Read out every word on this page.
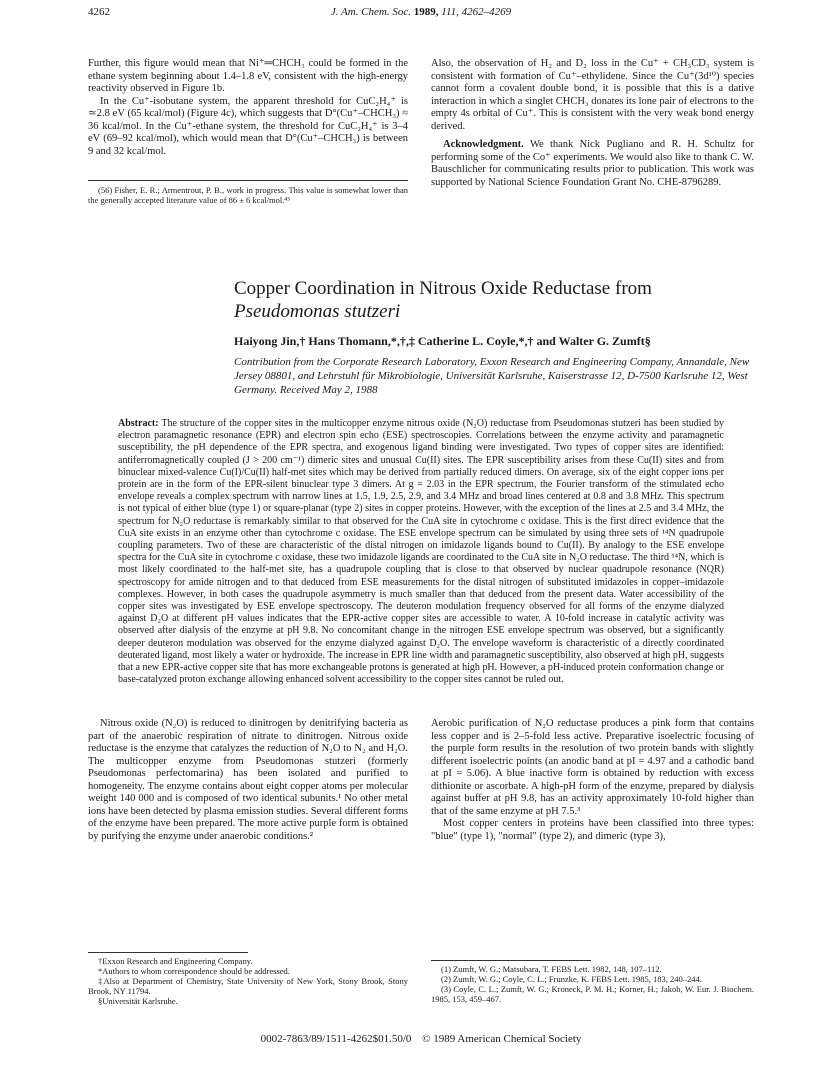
4262	J. Am. Chem. Soc. 1989, 111, 4262–4269

Further, this figure would mean that Ni⁺═CHCH₃ could be formed in the ethane system beginning about 1.4–1.8 eV, consistent with the high-energy reactivity observed in Figure 1b.

In the Cu⁺-isobutane system, the apparent threshold for CuC₂H₄⁺ is ≃2.8 eV (65 kcal/mol) (Figure 4c), which suggests that D°(Cu⁺–CHCH₃) ≈ 36 kcal/mol. In the Cu⁺-ethane system, the threshold for CuC₂H₄⁺ is 3–4 eV (69–92 kcal/mol), which would mean that D°(Cu⁺–CHCH₃) is between 9 and 32 kcal/mol.

(56) Fisher, E. R.; Armentrout, P. B., work in progress. This value is somewhat lower than the generally accepted literature value of 86 ± 6 kcal/mol.⁴³

Also, the observation of H₂ and D₂ loss in the Cu⁺ + CH₃CD₃ system is consistent with formation of Cu⁺–ethylidene. Since the Cu⁺(3d¹⁰) species cannot form a covalent double bond, it is possible that this is a dative interaction in which a singlet CHCH₃ donates its lone pair of electrons to the empty 4s orbital of Cu⁺. This is consistent with the very weak bond energy derived.

Acknowledgment. We thank Nick Pugliano and R. H. Schultz for performing some of the Co⁺ experiments. We would also like to thank C. W. Bauschlicher for communicating results prior to publication. This work was supported by National Science Foundation Grant No. CHE-8796289.

Copper Coordination in Nitrous Oxide Reductase from
Pseudomonas stutzeri
Haiyong Jin,† Hans Thomann,*,†,‡ Catherine L. Coyle,*,† and Walter G. Zumft§
Contribution from the Corporate Research Laboratory, Exxon Research and Engineering Company, Annandale, New Jersey 08801, and Lehrstuhl für Mikrobiologie, Universität Karlsruhe, Kaiserstrasse 12, D-7500 Karlsruhe 12, West Germany. Received May 2, 1988
Abstract: The structure of the copper sites in the multicopper enzyme nitrous oxide (N₂O) reductase from Pseudomonas stutzeri has been studied by electron paramagnetic resonance (EPR) and electron spin echo (ESE) spectroscopies. Correlations between the enzyme activity and paramagnetic susceptibility, the pH dependence of the EPR spectra, and exogenous ligand binding were investigated. Two types of copper sites are identified: antiferromagnetically coupled (J > 200 cm⁻¹) dimeric sites and unusual Cu(II) sites. The EPR susceptibility arises from these Cu(II) sites and from binuclear mixed-valence Cu(I)/Cu(II) half-met sites which may be derived from partially reduced dimers. On average, six of the eight copper ions per protein are in the form of the EPR-silent binuclear type 3 dimers. At g = 2.03 in the EPR spectrum, the Fourier transform of the stimulated echo envelope reveals a complex spectrum with narrow lines at 1.5, 1.9, 2.5, 2.9, and 3.4 MHz and broad lines centered at 0.8 and 3.8 MHz. This spectrum is not typical of either blue (type 1) or square-planar (type 2) sites in copper proteins. However, with the exception of the lines at 2.5 and 3.4 MHz, the spectrum for N₂O reductase is remarkably similar to that observed for the CuA site in cytochrome c oxidase. This is the first direct evidence that the CuA site exists in an enzyme other than cytochrome c oxidase. The ESE envelope spectrum can be simulated by using three sets of ¹⁴N quadrupole coupling parameters. Two of these are characteristic of the distal nitrogen on imidazole ligands bound to Cu(II). By analogy to the ESE envelope spectra for the CuA site in cytochrome c oxidase, these two imidazole ligands are coordinated to the CuA site in N₂O reductase. The third ¹⁴N, which is most likely coordinated to the half-met site, has a quadrupole coupling that is close to that observed by nuclear quadrupole resonance (NQR) spectroscopy for amide nitrogen and to that deduced from ESE measurements for the distal nitrogen of substituted imidazoles in copper–imidazole complexes. However, in both cases the quadrupole asymmetry is much smaller than that deduced from the present data. Water accessibility of the copper sites was investigated by ESE envelope spectroscopy. The deuteron modulation frequency observed for all forms of the enzyme dialyzed against D₂O at different pH values indicates that the EPR-active copper sites are accessible to water. A 10-fold increase in catalytic activity was observed after dialysis of the enzyme at pH 9.8. No concomitant change in the nitrogen ESE envelope spectrum was observed, but a significantly deeper deuteron modulation was observed for the enzyme dialyzed against D₂O. The envelope waveform is characteristic of a directly coordinated deuterated ligand, most likely a water or hydroxide. The increase in EPR line width and paramagnetic susceptibility, also observed at high pH, suggests that a new EPR-active copper site that has more exchangeable protons is generated at high pH. However, a pH-induced protein conformation change or base-catalyzed proton exchange allowing enhanced solvent accessibility to the copper sites cannot be ruled out.

Nitrous oxide (N₂O) is reduced to dinitrogen by denitrifying bacteria as part of the anaerobic respiration of nitrate to dinitrogen. Nitrous oxide reductase is the enzyme that catalyzes the reduction of N₂O to N₂ and H₂O. The multicopper enzyme from Pseudomonas stutzeri (formerly Pseudomonas perfectomarina) has been isolated and purified to homogeneity. The enzyme contains about eight copper atoms per molecular weight 140 000 and is composed of two identical subunits.¹ No other metal ions have been detected by plasma emission studies. Several different forms of the enzyme have been prepared. The more active purple form is obtained by purifying the enzyme under anaerobic conditions.²

†Exxon Research and Engineering Company.

*Authors to whom correspondence should be addressed.

‡Also at Department of Chemistry, State University of New York, Stony Brook, Stony Brook, NY 11794.

§Universität Karlsruhe.

Aerobic purification of N₂O reductase produces a pink form that contains less copper and is 2–5-fold less active. Preparative isoelectric focusing of the purple form results in the resolution of two protein bands with slightly different isoelectric points (an anodic band at pI = 4.97 and a cathodic band at pI = 5.06). A blue inactive form is obtained by reduction with excess dithionite or ascorbate. A high-pH form of the enzyme, prepared by dialysis against buffer at pH 9.8, has an activity approximately 10-fold higher than that of the same enzyme at pH 7.5.³

Most copper centers in proteins have been classified into three types: "blue" (type 1), "normal" (type 2), and dimeric (type 3),

(1) Zumft, W. G.; Matsubara, T. FEBS Lett. 1982, 148, 107–112.

(2) Zumft, W. G.; Coyle, C. L.; Frunzke, K. FEBS Lett. 1985, 183, 240–244.

(3) Coyle, C. L.; Zumft, W. G.; Kroneck, P. M. H.; Korner, H.; Jakob, W. Eur. J. Biochem. 1985, 153, 459–467.

0002-7863/89/1511-4262$01.50/0 © 1989 American Chemical Society
